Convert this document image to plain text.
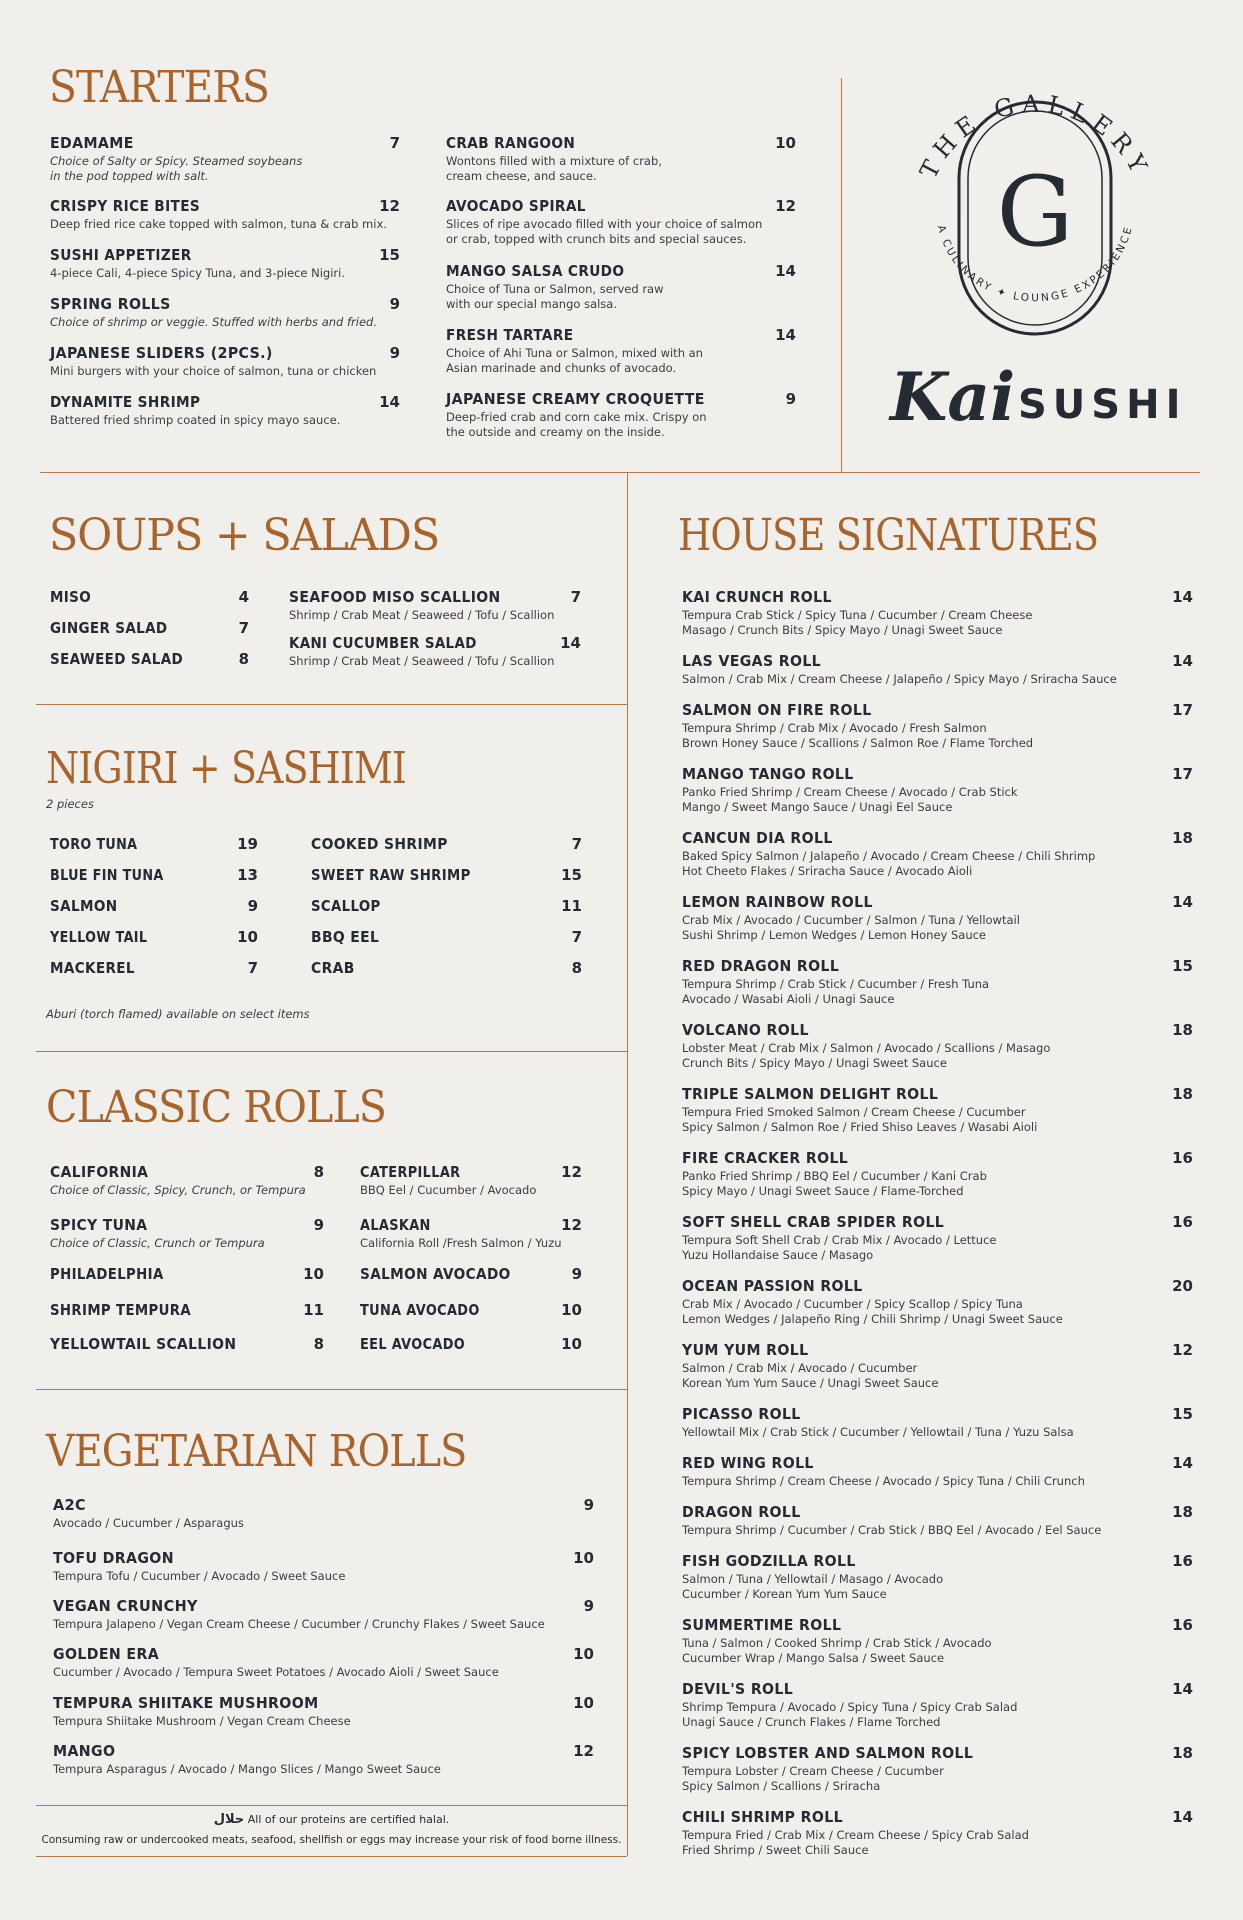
STARTERS
SOUPS + SALADS
NIGIRI + SASHIMI
CLASSIC ROLLS
VEGETARIAN ROLLS
HOUSE SIGNATURES
THE GALLERY
G
A CULINARY ✦ LOUNGE EXPERIENCE
Kai SUSHI
EDAMAME	7
Choice of Salty or Spicy. Steamed soybeans
in the pod topped with salt.
CRISPY RICE BITES	12
Deep fried rice cake topped with salmon, tuna & crab mix.
SUSHI APPETIZER	15
4-piece Cali, 4-piece Spicy Tuna, and 3-piece Nigiri.
SPRING ROLLS	9
Choice of shrimp or veggie. Stuffed with herbs and fried.
JAPANESE SLIDERS (2PCS.)	9
Mini burgers with your choice of salmon, tuna or chicken
DYNAMITE SHRIMP	14
Battered fried shrimp coated in spicy mayo sauce.
CRAB RANGOON	10
Wontons filled with a mixture of crab,
cream cheese, and sauce.
AVOCADO SPIRAL	12
Slices of ripe avocado filled with your choice of salmon
or crab, topped with crunch bits and special sauces.
MANGO SALSA CRUDO	14
Choice of Tuna or Salmon, served raw
with our special mango salsa.
FRESH TARTARE	14
Choice of Ahi Tuna or Salmon, mixed with an
Asian marinade and chunks of avocado.
JAPANESE CREAMY CROQUETTE	9
Deep-fried crab and corn cake mix. Crispy on
the outside and creamy on the inside.
MISO	4
GINGER SALAD	7
SEAWEED SALAD	8
SEAFOOD MISO SCALLION	7
Shrimp / Crab Meat / Seaweed / Tofu / Scallion
KANI CUCUMBER SALAD	14
Shrimp / Crab Meat / Seaweed / Tofu / Scallion
2 pieces
TORO TUNA	19
BLUE FIN TUNA	13
SALMON	9
YELLOW TAIL	10
MACKEREL	7
COOKED SHRIMP	7
SWEET RAW SHRIMP	15
SCALLOP	11
BBQ EEL	7
CRAB	8
Aburi (torch flamed) available on select items
CALIFORNIA	8
Choice of Classic, Spicy, Crunch, or Tempura
SPICY TUNA	9
Choice of Classic, Crunch or Tempura
PHILADELPHIA	10
SHRIMP TEMPURA	11
YELLOWTAIL SCALLION	8
CATERPILLAR	12
BBQ Eel / Cucumber / Avocado
ALASKAN	12
California Roll /Fresh Salmon / Yuzu
SALMON AVOCADO	9
TUNA AVOCADO	10
EEL AVOCADO	10
A2C	9
Avocado / Cucumber / Asparagus
TOFU DRAGON	10
Tempura Tofu / Cucumber / Avocado / Sweet Sauce
VEGAN CRUNCHY	9
Tempura Jalapeno / Vegan Cream Cheese / Cucumber / Crunchy Flakes / Sweet Sauce
GOLDEN ERA	10
Cucumber / Avocado / Tempura Sweet Potatoes / Avocado Aioli / Sweet Sauce
TEMPURA SHIITAKE MUSHROOM	10
Tempura Shiitake Mushroom / Vegan Cream Cheese
MANGO	12
Tempura Asparagus / Avocado / Mango Slices / Mango Sweet Sauce
KAI CRUNCH ROLL	14
Tempura Crab Stick / Spicy Tuna / Cucumber / Cream Cheese
Masago / Crunch Bits / Spicy Mayo / Unagi Sweet Sauce
LAS VEGAS ROLL	14
Salmon / Crab Mix / Cream Cheese / Jalapeño / Spicy Mayo / Sriracha Sauce
SALMON ON FIRE ROLL	17
Tempura Shrimp / Crab Mix / Avocado / Fresh Salmon
Brown Honey Sauce / Scallions / Salmon Roe / Flame Torched
MANGO TANGO ROLL	17
Panko Fried Shrimp / Cream Cheese / Avocado / Crab Stick
Mango / Sweet Mango Sauce / Unagi Eel Sauce
CANCUN DIA ROLL	18
Baked Spicy Salmon / Jalapeño / Avocado / Cream Cheese / Chili Shrimp
Hot Cheeto Flakes / Sriracha Sauce / Avocado Aioli
LEMON RAINBOW ROLL	14
Crab Mix / Avocado / Cucumber / Salmon / Tuna / Yellowtail
Sushi Shrimp / Lemon Wedges / Lemon Honey Sauce
RED DRAGON ROLL	15
Tempura Shrimp / Crab Stick / Cucumber / Fresh Tuna
Avocado / Wasabi Aioli / Unagi Sauce
VOLCANO ROLL	18
Lobster Meat / Crab Mix / Salmon / Avocado / Scallions / Masago
Crunch Bits / Spicy Mayo / Unagi Sweet Sauce
TRIPLE SALMON DELIGHT ROLL	18
Tempura Fried Smoked Salmon / Cream Cheese / Cucumber
Spicy Salmon / Salmon Roe / Fried Shiso Leaves / Wasabi Aioli
FIRE CRACKER ROLL	16
Panko Fried Shrimp / BBQ Eel / Cucumber / Kani Crab
Spicy Mayo / Unagi Sweet Sauce / Flame-Torched
SOFT SHELL CRAB SPIDER ROLL	16
Tempura Soft Shell Crab / Crab Mix / Avocado / Lettuce
Yuzu Hollandaise Sauce / Masago
OCEAN PASSION ROLL	20
Crab Mix / Avocado / Cucumber / Spicy Scallop / Spicy Tuna
Lemon Wedges / Jalapeño Ring / Chili Shrimp / Unagi Sweet Sauce
YUM YUM ROLL	12
Salmon / Crab Mix / Avocado / Cucumber
Korean Yum Yum Sauce / Unagi Sweet Sauce
PICASSO ROLL	15
Yellowtail Mix / Crab Stick / Cucumber / Yellowtail / Tuna / Yuzu Salsa
RED WING ROLL	14
Tempura Shrimp / Cream Cheese / Avocado / Spicy Tuna / Chili Crunch
DRAGON ROLL	18
Tempura Shrimp / Cucumber / Crab Stick / BBQ Eel / Avocado / Eel Sauce
FISH GODZILLA ROLL	16
Salmon / Tuna / Yellowtail / Masago / Avocado
Cucumber / Korean Yum Yum Sauce
SUMMERTIME ROLL	16
Tuna / Salmon / Cooked Shrimp / Crab Stick / Avocado
Cucumber Wrap / Mango Salsa / Sweet Sauce
DEVIL'S ROLL	14
Shrimp Tempura / Avocado / Spicy Tuna / Spicy Crab Salad
Unagi Sauce / Crunch Flakes / Flame Torched
SPICY LOBSTER AND SALMON ROLL	18
Tempura Lobster / Cream Cheese / Cucumber
Spicy Salmon / Scallions / Sriracha
CHILI SHRIMP ROLL	14
Tempura Fried / Crab Mix / Cream Cheese / Spicy Crab Salad
Fried Shrimp / Sweet Chili Sauce
حلال All of our proteins are certified halal.
Consuming raw or undercooked meats, seafood, shellfish or eggs may increase your risk of food borne illness.
